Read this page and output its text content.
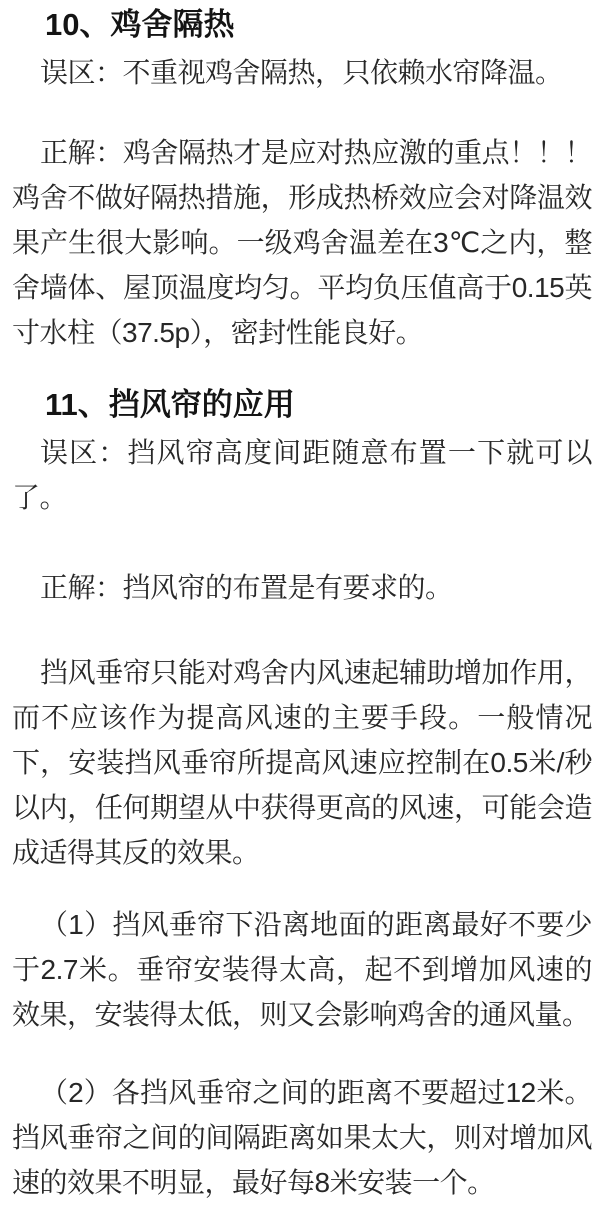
10、鸡舍隔热

误区：不重视鸡舍隔热，只依赖水帘降温。

正解：鸡舍隔热才是应对热应激的重点！！！鸡舍不做好隔热措施，形成热桥效应会对降温效果产生很大影响。一级鸡舍温差在3℃之内，整舍墙体、屋顶温度均匀。平均负压值高于0.15英寸水柱（37.5p），密封性能良好。

11、挡风帘的应用

误区：挡风帘高度间距随意布置一下就可以了。

正解：挡风帘的布置是有要求的。

挡风垂帘只能对鸡舍内风速起辅助增加作用，而不应该作为提高风速的主要手段。一般情况下，安装挡风垂帘所提高风速应控制在0.5米/秒以内，任何期望从中获得更高的风速，可能会造成适得其反的效果。

（1）挡风垂帘下沿离地面的距离最好不要少于2.7米。垂帘安装得太高，起不到增加风速的效果，安装得太低，则又会影响鸡舍的通风量。

（2）各挡风垂帘之间的距离不要超过12米。挡风垂帘之间的间隔距离如果太大，则对增加风速的效果不明显，最好每8米安装一个。
